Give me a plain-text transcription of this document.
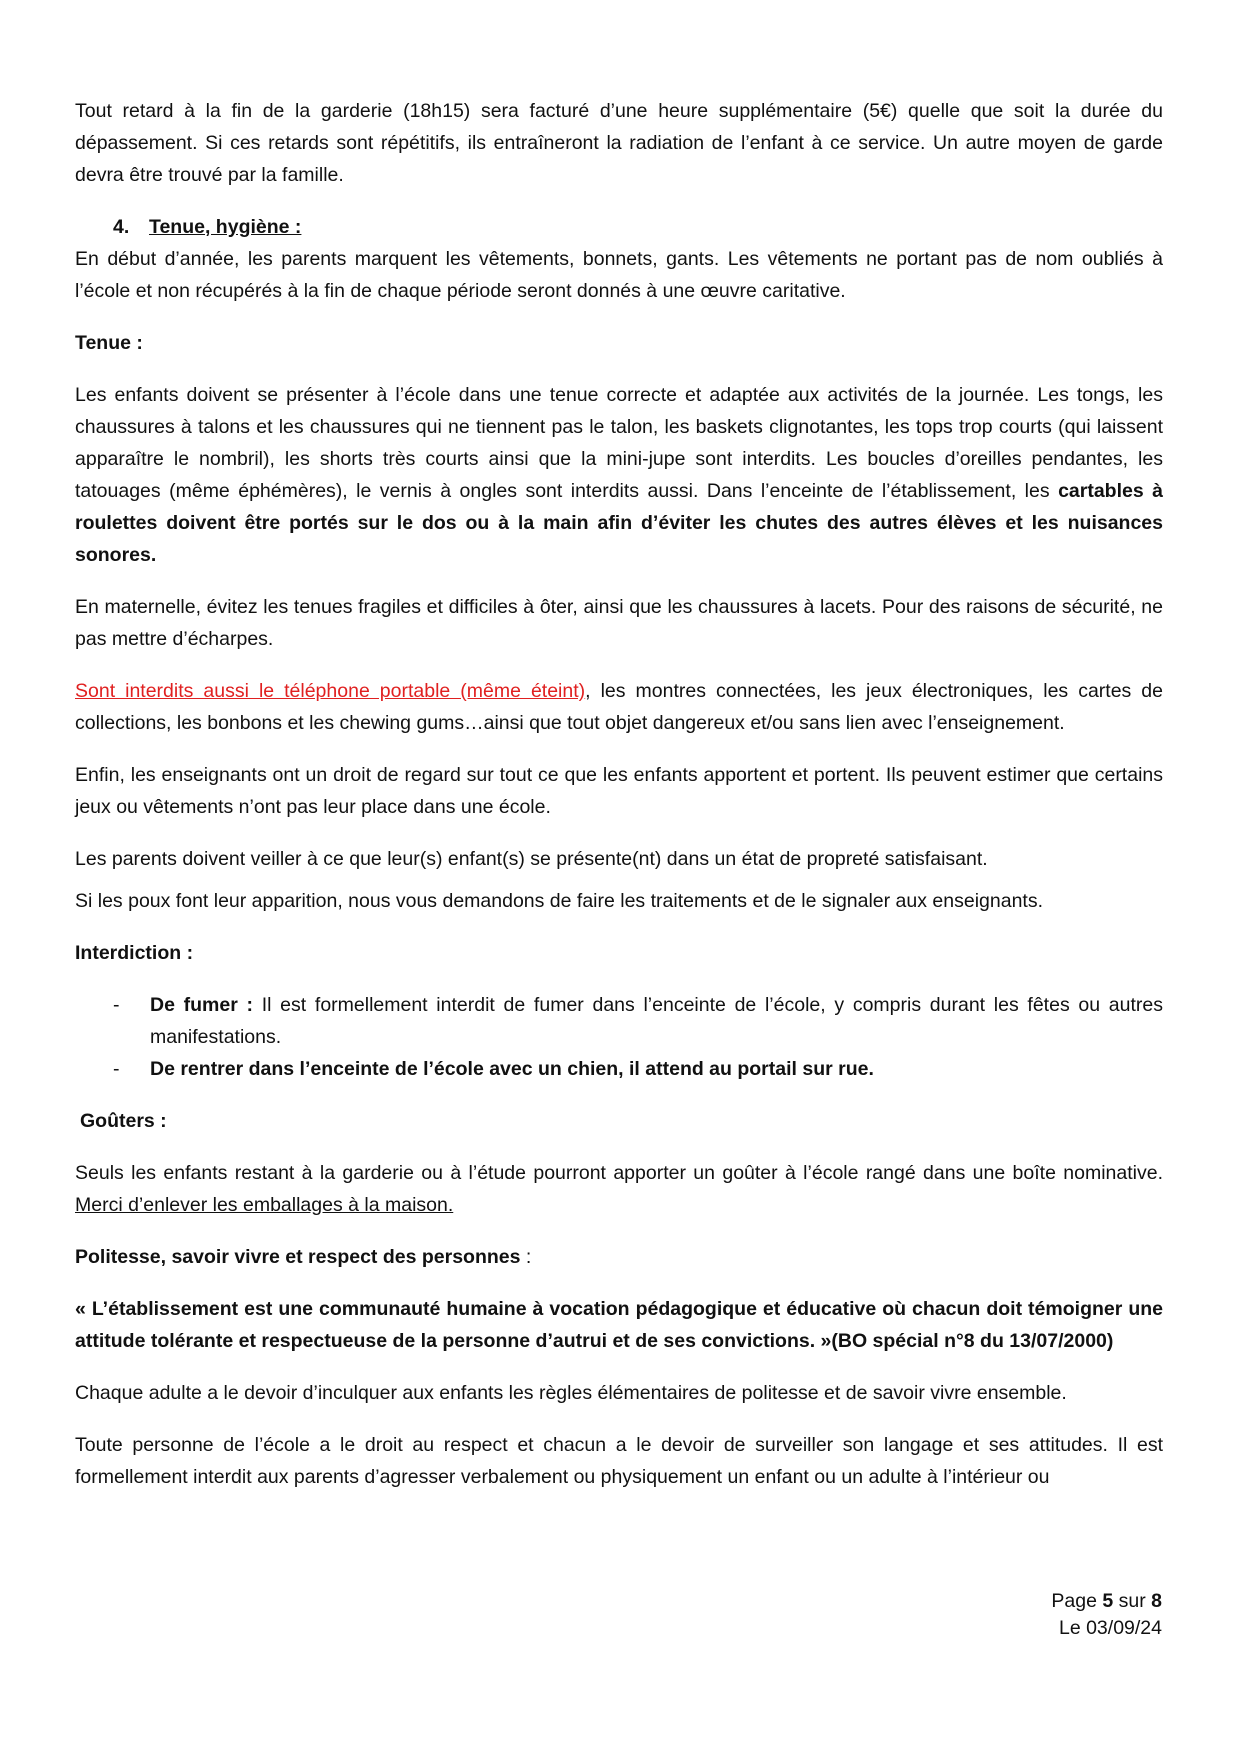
Tout retard à la fin de la garderie (18h15) sera facturé d’une heure supplémentaire (5€) quelle que soit la durée du dépassement. Si ces retards sont répétitifs, ils entraîneront la radiation de l’enfant à ce service. Un autre moyen de garde devra être trouvé par la famille.

4.	Tenue, hygiène :

En début d’année, les parents marquent les vêtements, bonnets, gants. Les vêtements ne portant pas de nom oubliés à l’école et non récupérés à la fin de chaque période seront donnés à une œuvre caritative.

Tenue :

Les enfants doivent se présenter à l’école dans une tenue correcte et adaptée aux activités de la journée. Les tongs, les chaussures à talons et les chaussures qui ne tiennent pas le talon, les baskets clignotantes, les tops trop courts (qui laissent apparaître le nombril), les shorts très courts ainsi que la mini-jupe sont interdits. Les boucles d’oreilles pendantes, les tatouages (même éphémères), le vernis à ongles sont interdits aussi. Dans l’enceinte de l’établissement, les cartables à roulettes doivent être portés sur le dos ou à la main afin d’éviter les chutes des autres élèves et les nuisances sonores.

En maternelle, évitez les tenues fragiles et difficiles à ôter, ainsi que les chaussures à lacets. Pour des raisons de sécurité, ne pas mettre d’écharpes.

Sont interdits aussi le téléphone portable (même éteint), les montres connectées, les jeux électroniques, les cartes de collections, les bonbons et les chewing gums…ainsi que tout objet dangereux et/ou sans lien avec l’enseignement.

Enfin, les enseignants ont un droit de regard sur tout ce que les enfants apportent et portent. Ils peuvent estimer que certains jeux ou vêtements n’ont pas leur place dans une école.

Les parents doivent veiller à ce que leur(s) enfant(s) se présente(nt) dans un état de propreté satisfaisant.

Si les poux font leur apparition, nous vous demandons de faire les traitements et de le signaler aux enseignants.

Interdiction :
-	De fumer : Il est formellement interdit de fumer dans l’enceinte de l’école, y compris durant les fêtes ou autres manifestations.
-	De rentrer dans l’enceinte de l’école avec un chien, il attend au portail sur rue.
Goûters :

Seuls les enfants restant à la garderie ou à l’étude pourront apporter un goûter à l’école rangé dans une boîte nominative. Merci d’enlever les emballages à la maison.

Politesse, savoir vivre et respect des personnes :

« L’établissement est une communauté humaine à vocation pédagogique et éducative où chacun doit témoigner une attitude tolérante et respectueuse de la personne d’autrui et de ses convictions. »(BO spécial n°8 du 13/07/2000)

Chaque adulte a le devoir d’inculquer aux enfants les règles élémentaires de politesse et de savoir vivre ensemble.

Toute personne de l’école a le droit au respect et chacun a le devoir de surveiller son langage et ses attitudes. Il est formellement interdit aux parents d’agresser verbalement ou physiquement un enfant ou un adulte à l’intérieur ou

Page 5 sur 8
Le 03/09/24
